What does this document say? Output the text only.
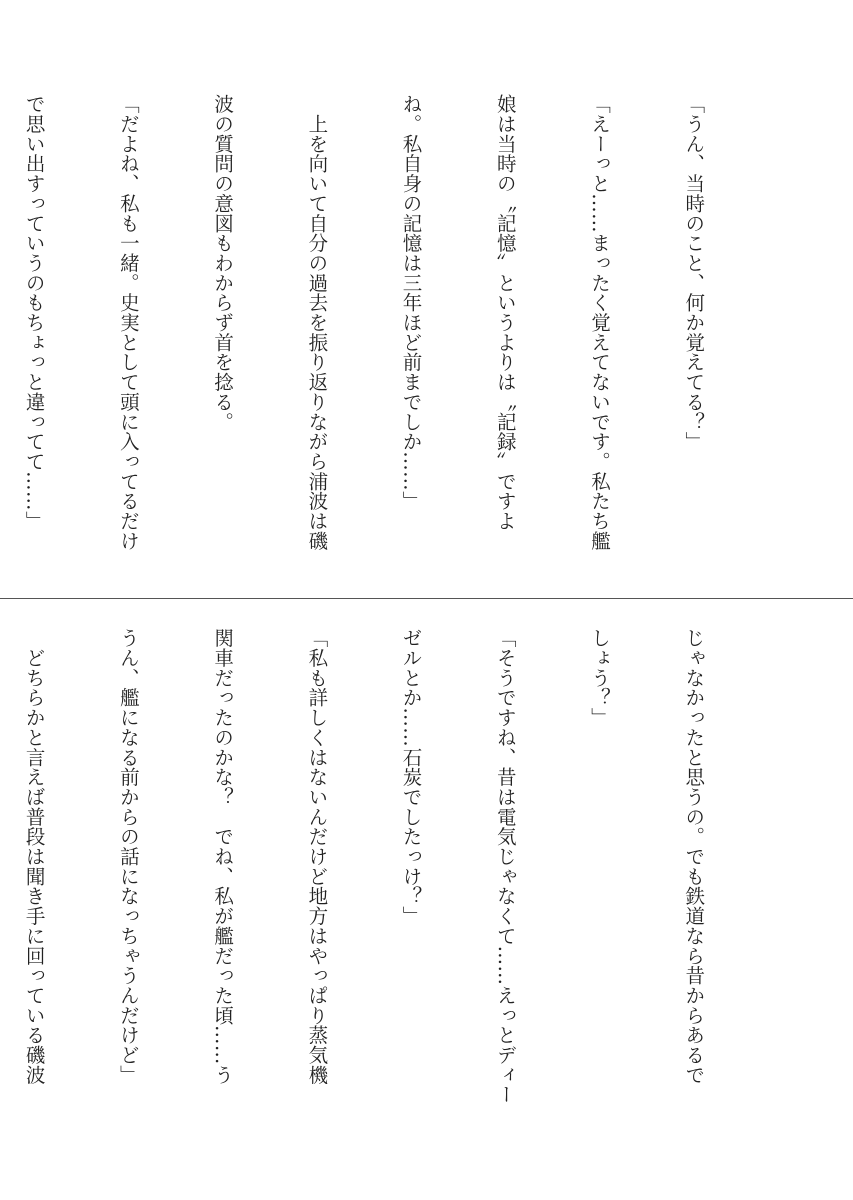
「うん、当時のこと、何か覚えてる？」

「えーっと……まったく覚えてないです。私たち艦

娘は当時の〝記憶〟というよりは〝記録〟ですよ

ね。私自身の記憶は三年ほど前までしか……」

　上を向いて自分の過去を振り返りながら浦波は磯

波の質問の意図もわからず首を捻る。

「だよね、私も一緒。史実として頭に入ってるだけ

で思い出すっていうのもちょっと違ってて……」

じゃなかったと思うの。でも鉄道なら昔からあるで

しょう？」

「そうですね、昔は電気じゃなくて……えっとディー

ゼルとか……石炭でしたっけ？」

「私も詳しくはないんだけど地方はやっぱり蒸気機

関車だったのかな？　でね、私が艦だった頃……う

うん、艦になる前からの話になっちゃうんだけど」

　どちらかと言えば普段は聞き手に回っている磯波
